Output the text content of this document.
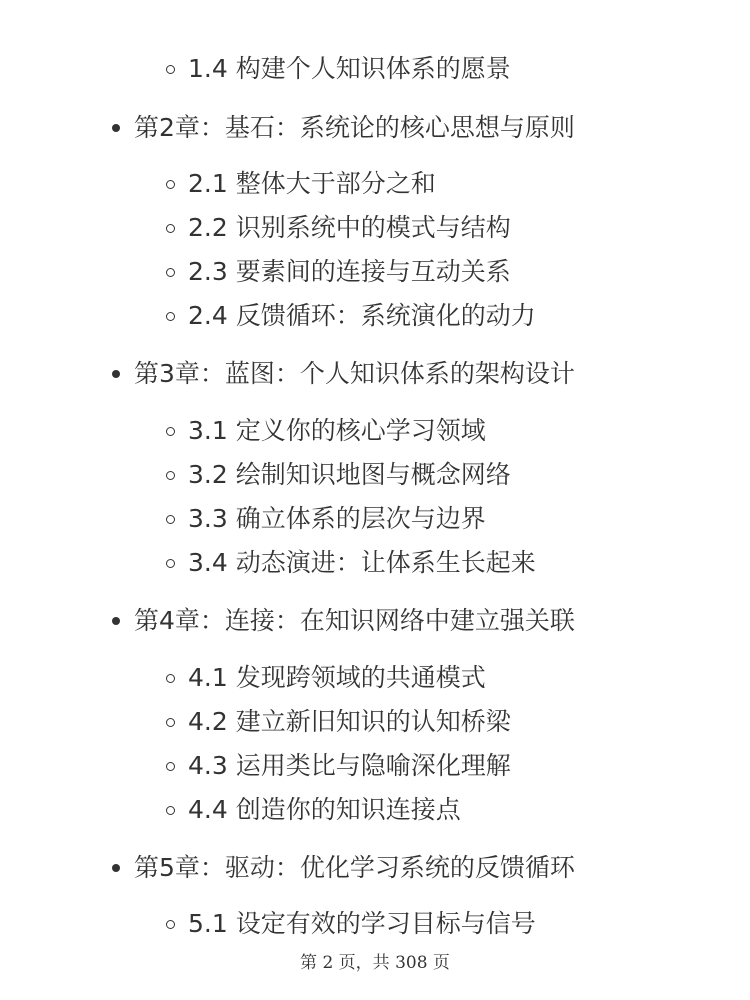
1.4 构建个人知识体系的愿景
第2章：基石：系统论的核心思想与原则
2.1 整体大于部分之和
2.2 识别系统中的模式与结构
2.3 要素间的连接与互动关系
2.4 反馈循环：系统演化的动力
第3章：蓝图：个人知识体系的架构设计
3.1 定义你的核心学习领域
3.2 绘制知识地图与概念网络
3.3 确立体系的层次与边界
3.4 动态演进：让体系生长起来
第4章：连接：在知识网络中建立强关联
4.1 发现跨领域的共通模式
4.2 建立新旧知识的认知桥梁
4.3 运用类比与隐喻深化理解
4.4 创造你的知识连接点
第5章：驱动：优化学习系统的反馈循环
5.1 设定有效的学习目标与信号
第 2 页，共 308 页
